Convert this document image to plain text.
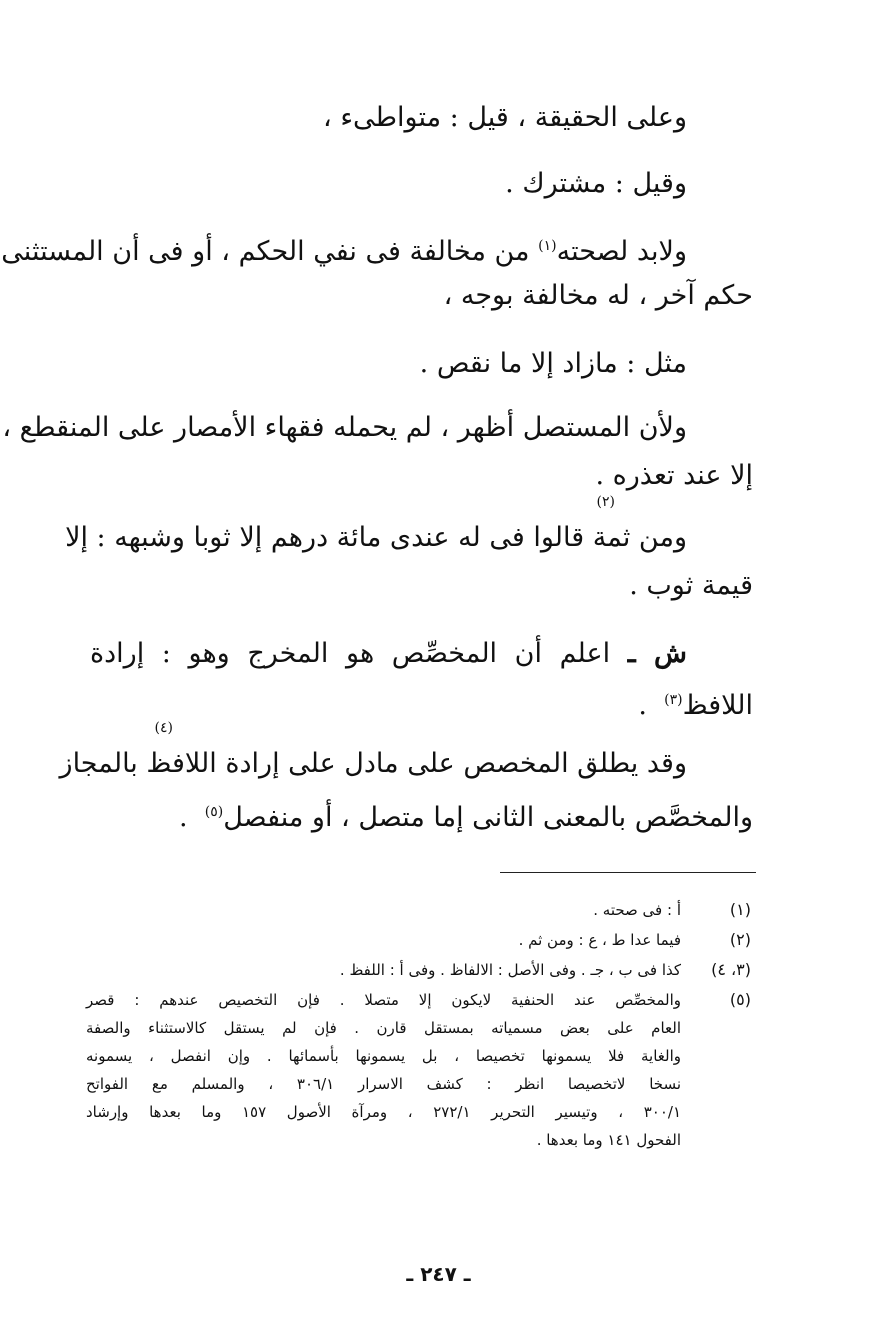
وعلى الحقيقة ، قيل : متواطىء ،
وقيل : مشترك .
ولابد لصحته$^{(١)}$ من مخالفة فى نفي الحكم ، أو فى أن المستثنى
حكم آخر ، له مخالفة بوجه ،
مثل : مازاد إلا ما نقص .
ولأن المستصل أظهر ، لم يحمله فقهاء الأمصار على المنقطع ،
إلا عند تعذره .
(٢)
ومن ثمة قالوا فى له عندى مائة درهم إلا ثوبا وشبهه : إلا
قيمة ثوب .
ش ـ اعلم أن المخصِّص هو المخرج وهو : إرادة
اللافظ$^{(٣)}$  .
(٤)
وقد يطلق المخصص على مادل على إرادة اللافظ بالمجاز
والمخصَّص بالمعنى الثانى إما متصل ، أو منفصل$^{(٥)}$  .
(١)
أ : فى صحته .
(٢)
فيما عدا ط ، ع : ومن ثم .
(٣، ٤)
كذا فى ب ، جـ . وفى الأصل : الالفاظ . وفى أ : اللفظ .
(٥)
والمخصِّص عند الحنفية لايكون إلا متصلا . فإن التخصيص عندهم : قصر
العام على بعض مسمياته بمستقل قارن . فإن لم يستقل كالاستثناء والصفة
والغاية فلا يسمونها تخصيصا ، بل يسمونها بأسمائها . وإن انفصل ، يسمونه
نسخا لاتخصيصا انظر : كشف الاسرار ٣٠٦/١ ، والمسلم مع الفواتح
٣٠٠/١ ، وتيسير التحرير ٢٧٢/١ ، ومرآة الأصول ١٥٧ وما بعدها وإرشاد
الفحول ١٤١ وما بعدها .
ـ ٢٤٧ ـ
